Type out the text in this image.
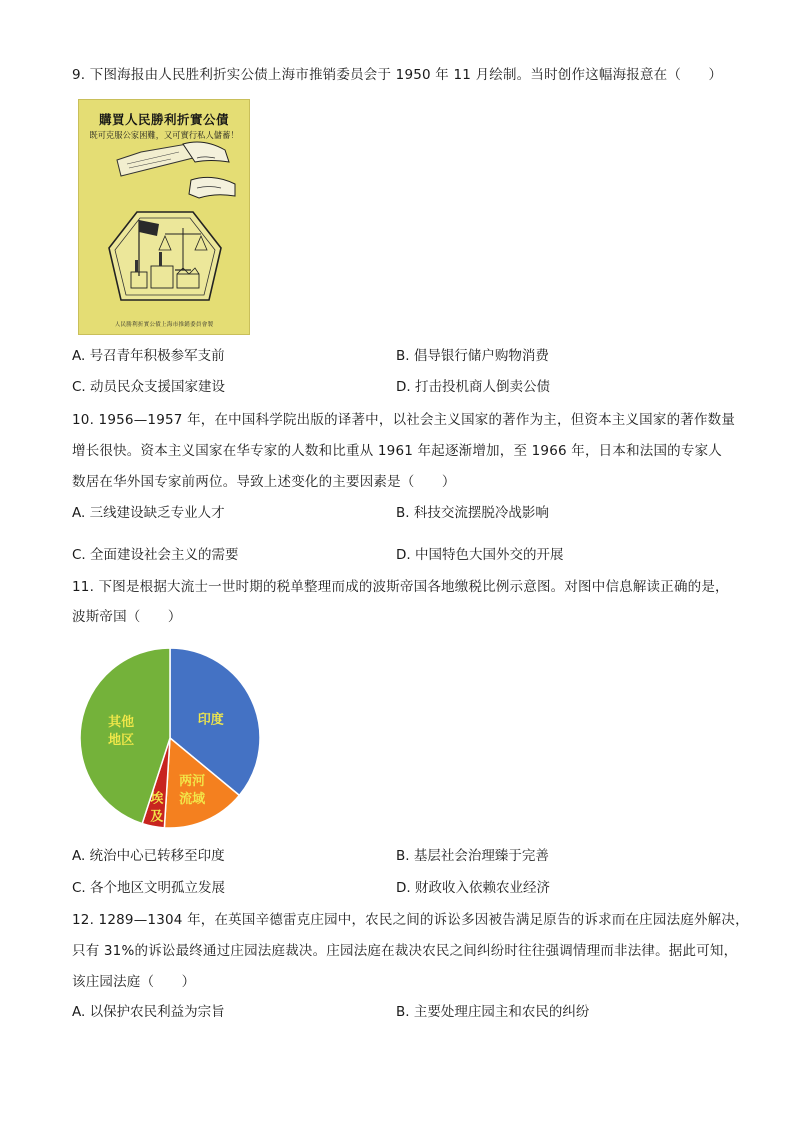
9. 下图海报由人民胜利折实公债上海市推销委员会于 1950 年 11 月绘制。当时创作这幅海报意在（　　）
購買人民勝利折實公債
既可克服公家困難，又可實行私人儲蓄！
人民勝利折實公債上海市推銷委員會製
A. 号召青年积极参军支前	B. 倡导银行储户购物消费
C. 动员民众支援国家建设	D. 打击投机商人倒卖公债
10. 1956—1957 年，在中国科学院出版的译著中，以社会主义国家的著作为主，但资本主义国家的著作数量
增长很快。资本主义国家在华专家的人数和比重从 1961 年起逐渐增加，至 1966 年，日本和法国的专家人
数居在华外国专家前两位。导致上述变化的主要因素是（　　）
A. 三线建设缺乏专业人才	B. 科技交流摆脱冷战影响
C. 全面建设社会主义的需要	D. 中国特色大国外交的开展
11. 下图是根据大流士一世时期的税单整理而成的波斯帝国各地缴税比例示意图。对图中信息解读正确的是，
波斯帝国（　　）
印度
两河流域
埃及
其他地区
A. 统治中心已转移至印度	B. 基层社会治理臻于完善
C. 各个地区文明孤立发展	D. 财政收入依赖农业经济
12. 1289—1304 年，在英国辛德雷克庄园中，农民之间的诉讼多因被告满足原告的诉求而在庄园法庭外解决，
只有 31%的诉讼最终通过庄园法庭裁决。庄园法庭在裁决农民之间纠纷时往往强调情理而非法律。据此可知，
该庄园法庭（　　）
A. 以保护农民利益为宗旨	B. 主要处理庄园主和农民的纠纷
